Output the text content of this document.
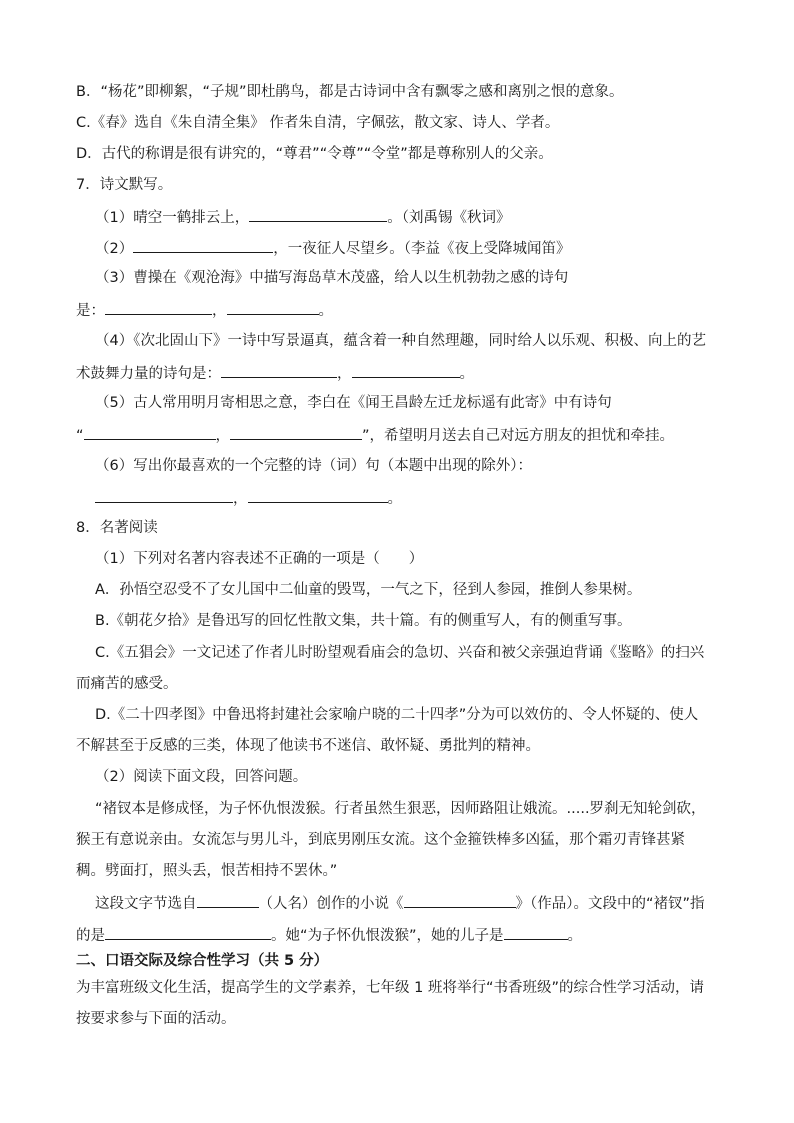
B．“杨花”即柳絮，“子规”即杜鹃鸟，都是古诗词中含有飘零之感和离别之恨的意象。
C.《春》选自《朱自清全集》 作者朱自清，字佩弦，散文家、诗人、学者。
D．古代的称谓是很有讲究的，“尊君”“令尊”“令堂”都是尊称别人的父亲。
7．诗文默写。
（1）晴空一鹤排云上，	。（刘禹锡《秋词》
（2）	，一夜征人尽望乡。（李益《夜上受降城闻笛》
（3）曹操在《观沧海》中描写海岛草木茂盛，给人以生机勃勃之感的诗句
是：	，	。
（4）《次北固山下》一诗中写景逼真，蕴含着一种自然理趣，同时给人以乐观、积极、向上的艺
术鼓舞力量的诗句是：	，	。
（5）古人常用明月寄相思之意，李白在《闻王昌龄左迁龙标遥有此寄》中有诗句
“	，	”，希望明月送去自己对远方朋友的担忧和牵挂。
（6）写出你最喜欢的一个完整的诗（词）句（本题中出现的除外）：
，	。
8．名著阅读
（1）下列对名著内容表述不正确的一项是（　　）
A．孙悟空忍受不了女儿国中二仙童的毁骂，一气之下，径到人参园，推倒人参果树。
B.《朝花夕拾》是鲁迅写的回忆性散文集，共十篇。有的侧重写人，有的侧重写事。
C.《五猖会》一文记述了作者儿时盼望观看庙会的急切、兴奋和被父亲强迫背诵《鉴略》的扫兴
而痛苦的感受。
D.《二十四孝图》中鲁迅将封建社会家喻户晓的二十四孝”分为可以效仿的、令人怀疑的、使人
不解甚至于反感的三类，体现了他读书不迷信、敢怀疑、勇批判的精神。
（2）阅读下面文段，回答问题。
“褚钗本是修成怪，为子怀仇恨泼猴。行者虽然生狠恶，因师路阻让娥流。.....罗刹无知轮剑砍，
猴王有意说亲由。女流怎与男儿斗，到底男刚压女流。这个金箍铁棒多凶猛，那个霜刃青锋甚紧
稠。劈面打，照头丢，恨苦相持不罢休。”
这段文字节选自	（人名）创作的小说《	》（作品）。文段中的“褚钗”指
的是	。她“为子怀仇恨泼猴”，她的儿子是	。
二、口语交际及综合性学习（共 5 分）
为丰富班级文化生活，提高学生的文学素养，七年级 1 班将举行“书香班级”的综合性学习活动，请
按要求参与下面的活动。
